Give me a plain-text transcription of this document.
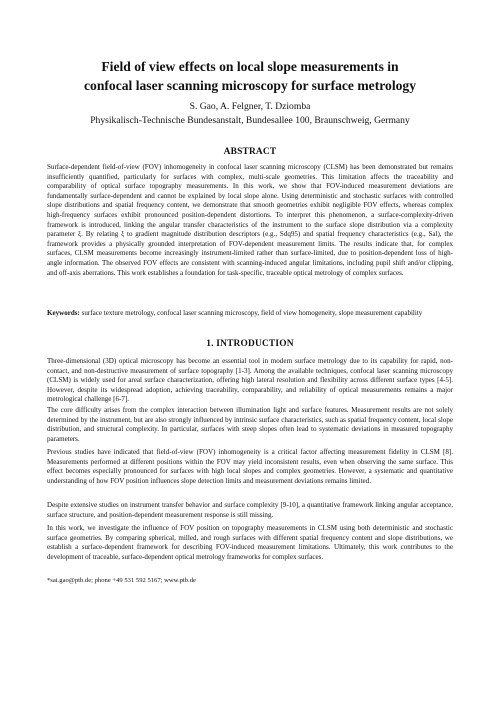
Field of view effects on local slope measurements in
confocal laser scanning microscopy for surface metrology
S. Gao, A. Felgner, T. Dziomba
Physikalisch-Technische Bundesanstalt, Bundesallee 100, Braunschweig, Germany
ABSTRACT

Surface-dependent field-of-view (FOV) inhomogeneity in confocal laser scanning microscopy (CLSM) has been demonstrated but remains insufficiently quantified, particularly for surfaces with complex, multi-scale geometries. This limitation affects the traceability and comparability of optical surface topography measurements. In this work, we show that FOV-induced measurement deviations are fundamentally surface-dependent and cannot be explained by local slope alone. Using deterministic and stochastic surfaces with controlled slope distributions and spatial frequency content, we demonstrate that smooth geometries exhibit negligible FOV effects, whereas complex high-frequency surfaces exhibit pronounced position-dependent distortions. To interpret this phenomenon, a surface-complexity-driven framework is introduced, linking the angular transfer characteristics of the instrument to the surface slope distribution via a complexity parameter ξ. By relating ξ to gradient magnitude distribution descriptors (e.g., Sdq95) and spatial frequency characteristics (e.g., Sal), the framework provides a physically grounded interpretation of FOV-dependent measurement limits. The results indicate that, for complex surfaces, CLSM measurements become increasingly instrument-limited rather than surface-limited, due to position-dependent loss of high-angle information. The observed FOV effects are consistent with scanning-induced angular limitations, including pupil shift and/or clipping, and off-axis aberrations. This work establishes a foundation for task-specific, traceable optical metrology of complex surfaces.

Keywords: surface texture metrology, confocal laser scanning microscopy, field of view homogeneity, slope measurement capability

1. INTRODUCTION

Three-dimensional (3D) optical microscopy has become an essential tool in modern surface metrology due to its capability for rapid, non-contact, and non-destructive measurement of surface topography [1-3]. Among the available techniques, confocal laser scanning microscopy (CLSM) is widely used for areal surface characterization, offering high lateral resolution and flexibility across different surface types [4-5]. However, despite its widespread adoption, achieving traceability, comparability, and reliability of optical measurements remains a major metrological challenge [6-7].

The core difficulty arises from the complex interaction between illumination light and surface features. Measurement results are not solely determined by the instrument, but are also strongly influenced by intrinsic surface characteristics, such as spatial frequency content, local slope distribution, and structural complexity. In particular, surfaces with steep slopes often lead to systematic deviations in measured topography parameters.

Previous studies have indicated that field-of-view (FOV) inhomogeneity is a critical factor affecting measurement fidelity in CLSM [8]. Measurements performed at different positions within the FOV may yield inconsistent results, even when observing the same surface. This effect becomes especially pronounced for surfaces with high local slopes and complex geometries. However, a systematic and quantitative understanding of how FOV position influences slope detection limits and measurement deviations remains limited.

Despite extensive studies on instrument transfer behavior and surface complexity [9-10], a quantitative framework linking angular acceptance, surface structure, and position-dependent measurement response is still missing.

In this work, we investigate the influence of FOV position on topography measurements in CLSM using both deterministic and stochastic surface geometries. By comparing spherical, milled, and rough surfaces with different spatial frequency content and slope distributions, we establish a surface-dependent framework for describing FOV-induced measurement limitations. Ultimately, this work contributes to the development of traceable, surface-dependent optical metrology frameworks for complex surfaces.

*sai.gao@ptb.de; phone +49 531 592 5167; www.ptb.de
